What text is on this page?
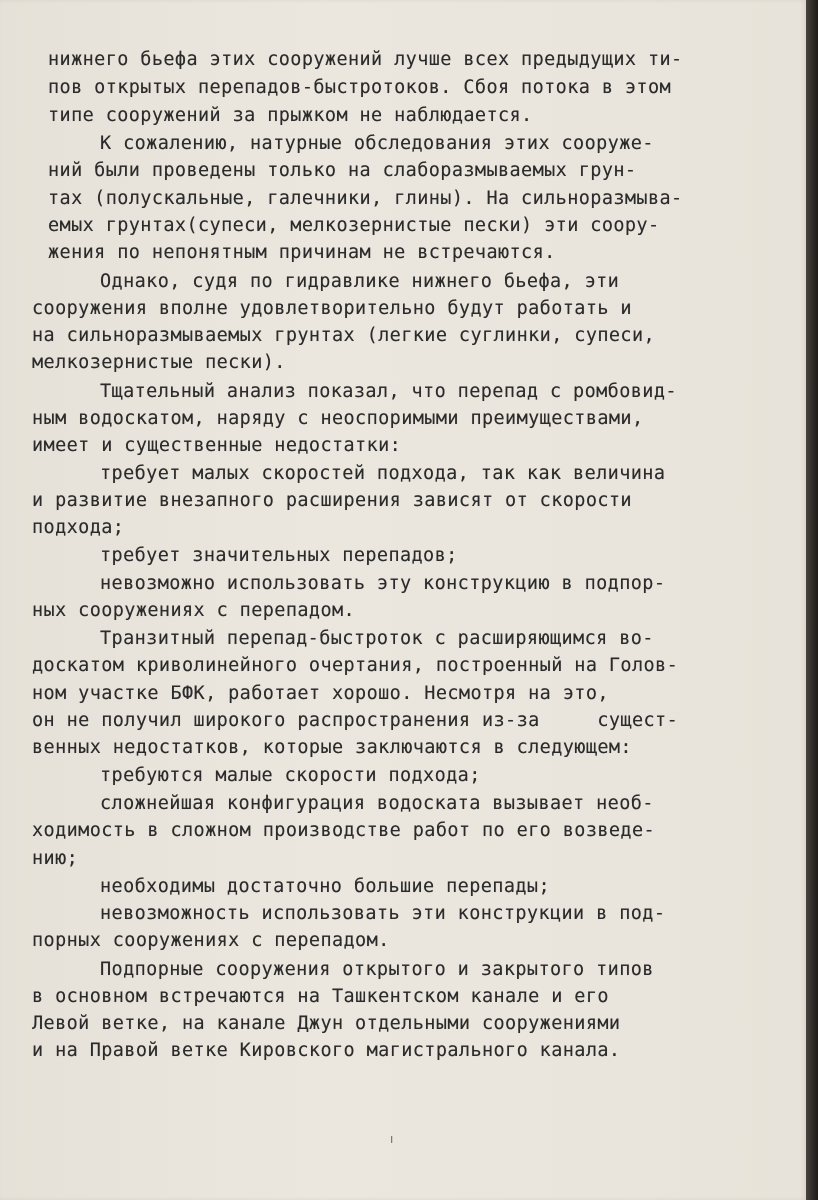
нижнего бьефа этих сооружений лучше всех предыдущих ти-
пов открытых перепадов-быстротоков. Сбоя потока в этом
типе сооружений за прыжком не наблюдается.
К сожалению, натурные обследования этих сооруже-
ний были проведены только на слаборазмываемых грун-
тах (полускальные, галечники, глины). На сильноразмыва-
емых грунтах(супеси, мелкозернистые пески) эти соору-
жения по непонятным причинам не встречаются.
Однако, судя по гидравлике нижнего бьефа, эти
сооружения вполне удовлетворительно будут работать и
на сильноразмываемых грунтах (легкие суглинки, супеси,
мелкозернистые пески).
Тщательный анализ показал, что перепад с ромбовид-
ным водоскатом, наряду с неоспоримыми преимуществами,
имеет и существенные недостатки:
требует малых скоростей подхода, так как величина
и развитие внезапного расширения зависят от скорости
подхода;
требует значительных перепадов;
невозможно использовать эту конструкцию в подпор-
ных сооружениях с перепадом.
Транзитный перепад-быстроток с расширяющимся во-
доскатом криволинейного очертания, построенный на Голов-
ном участке БФК, работает хорошо. Несмотря на это,
он не получил широкого распространения из-за     сущест-
венных недостатков, которые заключаются в следующем:
требуются малые скорости подхода;
сложнейшая конфигурация водоската вызывает необ-
ходимость в сложном производстве работ по его возведе-
нию;
необходимы достаточно большие перепады;
невозможность использовать эти конструкции в под-
порных сооружениях с перепадом.
Подпорные сооружения открытого и закрытого типов
в основном встречаются на Ташкентском канале и его
Левой ветке, на канале Джун отдельными сооружениями
и на Правой ветке Кировского магистрального канала.
ı
